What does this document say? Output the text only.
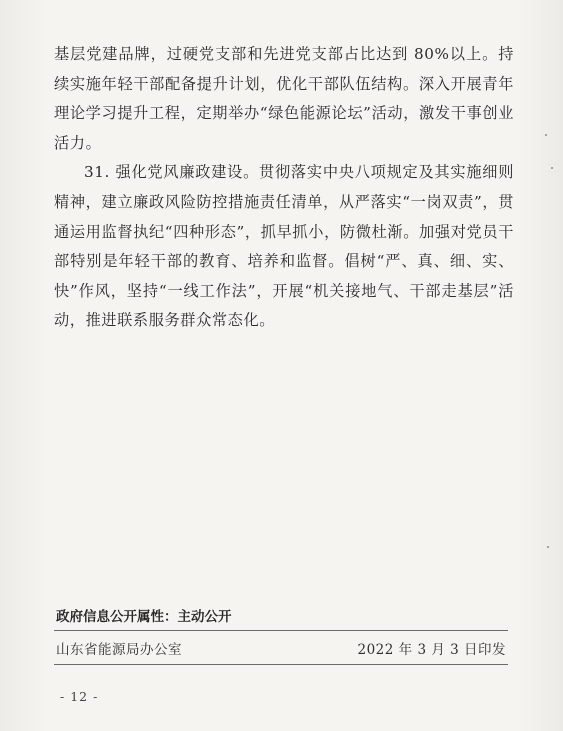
基层党建品牌，过硬党支部和先进党支部占比达到 80%以上。持续实施年轻干部配备提升计划，优化干部队伍结构。深入开展青年理论学习提升工程，定期举办“绿色能源论坛”活动，激发干事创业活力。

31. 强化党风廉政建设。贯彻落实中央八项规定及其实施细则精神，建立廉政风险防控措施责任清单，从严落实“一岗双责”，贯通运用监督执纪“四种形态”，抓早抓小，防微杜渐。加强对党员干部特别是年轻干部的教育、培养和监督。倡树“严、真、细、实、快”作风，坚持“一线工作法”，开展“机关接地气、干部走基层”活动，推进联系服务群众常态化。

政府信息公开属性：主动公开
山东省能源局办公室	2022 年 3 月 3 日印发
- 12 -
